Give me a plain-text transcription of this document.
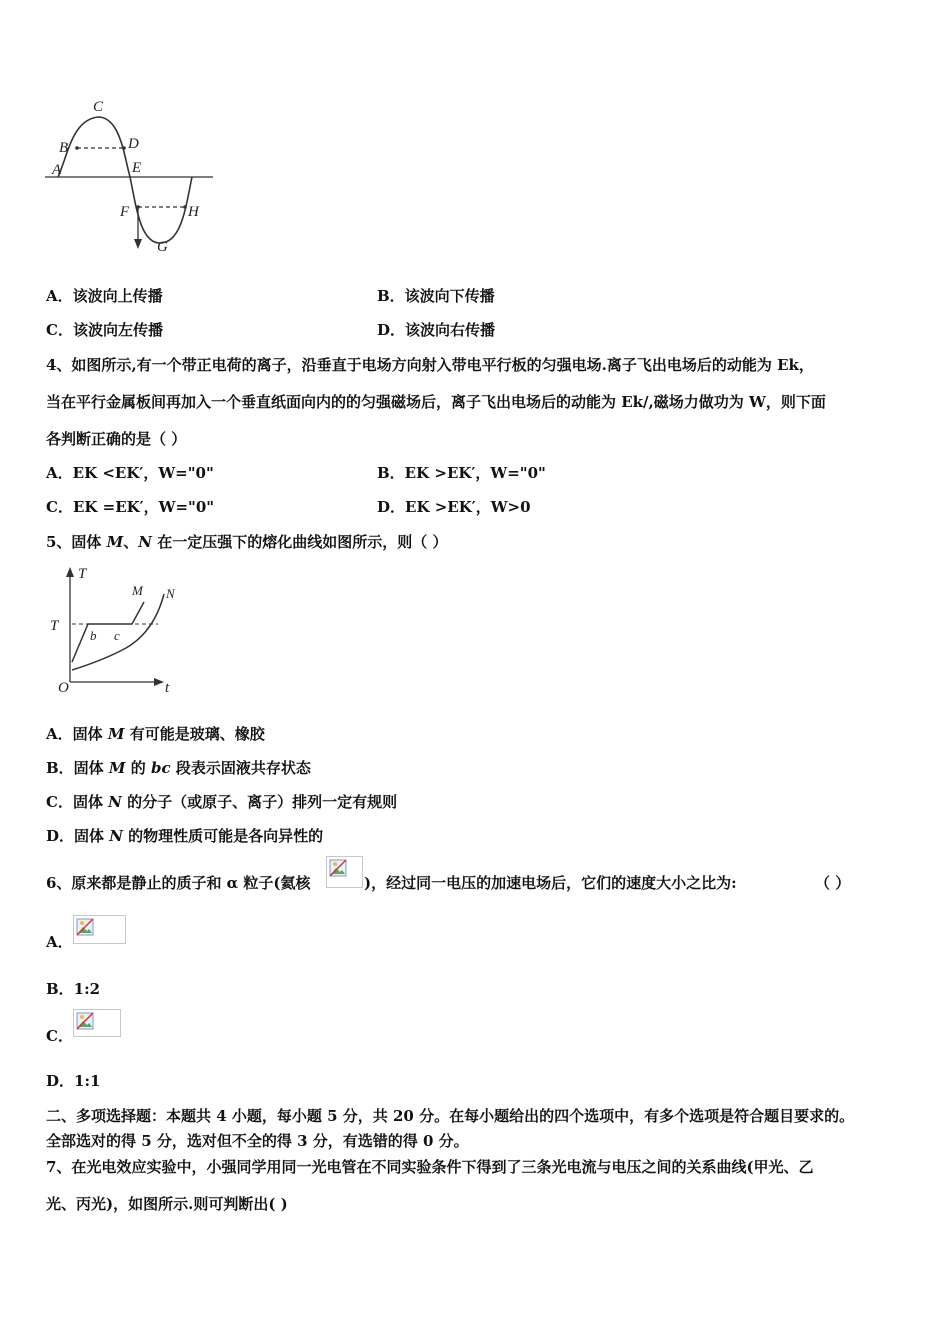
C
B	D
A	E
F	H
G
A．该波向上传播	B．该波向下传播
C．该波向左传播	D．该波向右传播
4、如图所示,有一个带正电荷的离子，沿垂直于电场方向射入带电平行板的匀强电场.离子飞出电场后的动能为 Ek，
当在平行金属板间再加入一个垂直纸面向内的的匀强磁场后，离子飞出电场后的动能为 Ek/,磁场力做功为 W，则下面
各判断正确的是（ ）
A．EK <EK′，W="0"	B．EK >EK′，W="0"
C．EK =EK′，W="0"	D．EK >EK′，W>0
5、固体 M、N 在一定压强下的熔化曲线如图所示，则（ ）
T
T
O	t
M N
b c
A．固体 M 有可能是玻璃、橡胶
B．固体 M 的 bc 段表示固液共存状态
C．固体 N 的分子（或原子、离子）排列一定有规则
D．固体 N 的物理性质可能是各向异性的
6、原来都是静止的质子和 α 粒子(氦核	)，经过同一电压的加速电场后，它们的速度大小之比为:	（ ）
A．
B．1:2
C．
D．1:1
二、多项选择题：本题共 4 小题，每小题 5 分，共 20 分。在每小题给出的四个选项中，有多个选项是符合题目要求的。
全部选对的得 5 分，选对但不全的得 3 分，有选错的得 0 分。
7、在光电效应实验中，小强同学用同一光电管在不同实验条件下得到了三条光电流与电压之间的关系曲线(甲光、乙
光、丙光)，如图所示.则可判断出( )
